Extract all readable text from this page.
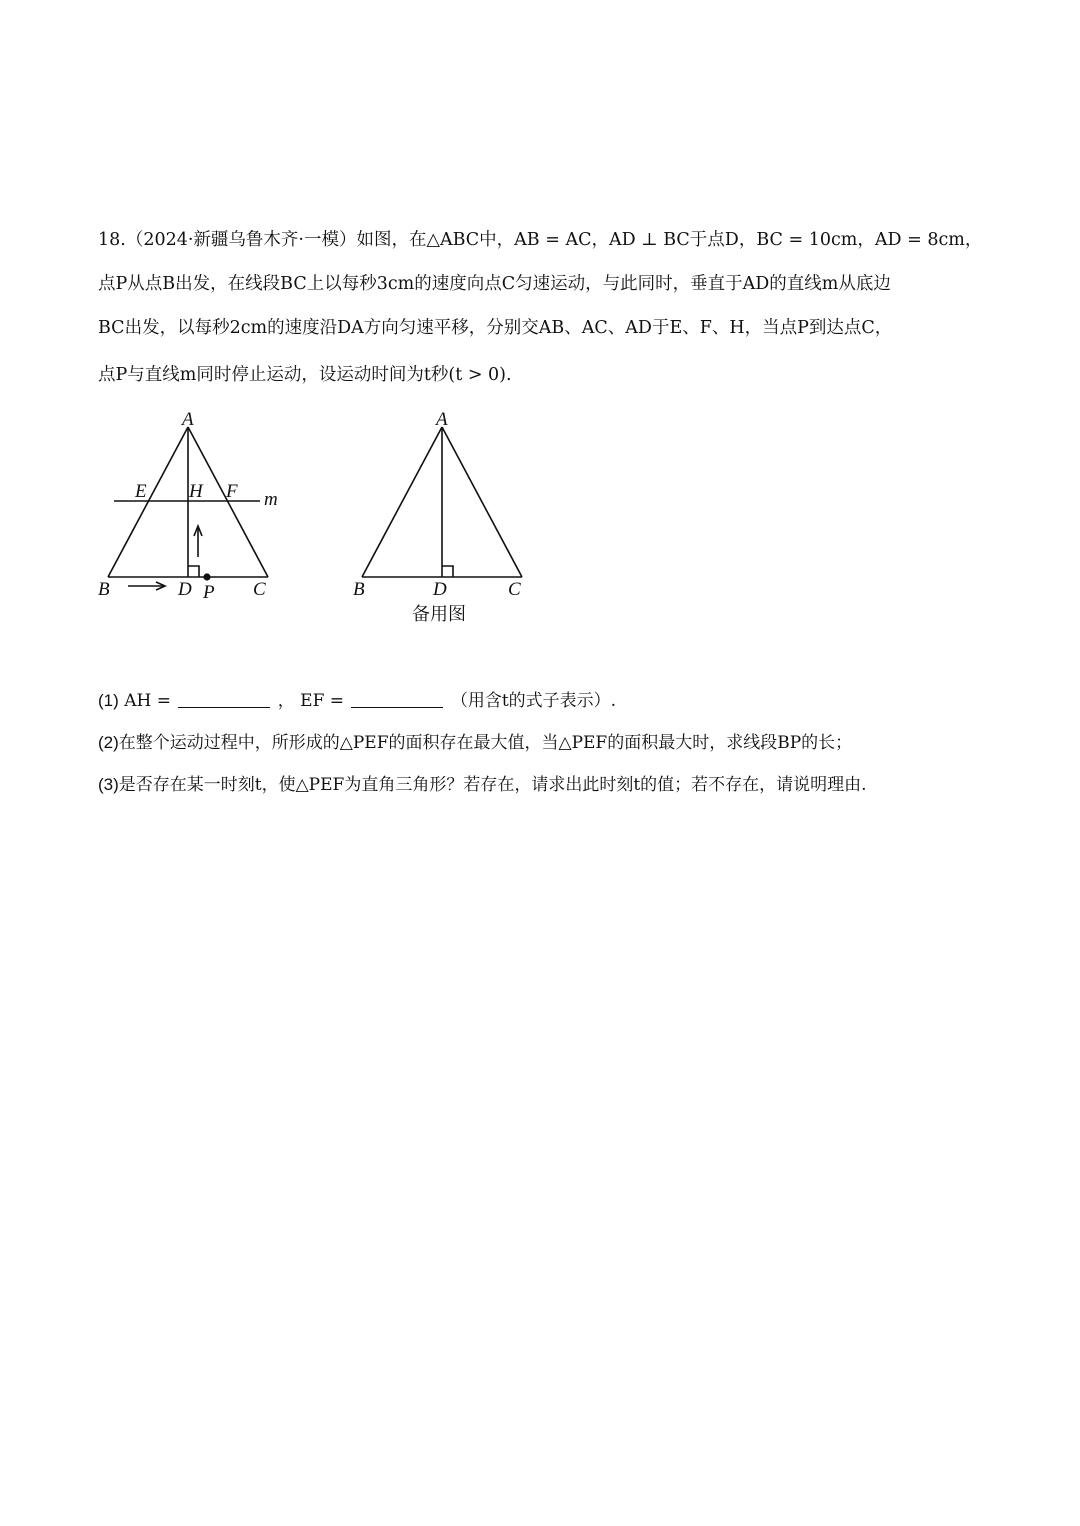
18.（2024·新疆乌鲁木齐·一模）如图，在△ABC中，AB = AC，AD ⊥ BC于点D，BC = 10cm，AD = 8cm，
点P从点B出发，在线段BC上以每秒3cm的速度向点C匀速运动，与此同时，垂直于AD的直线m从底边
BC出发，以每秒2cm的速度沿DA方向匀速平移，分别交AB、AC、AD于E、F、H，当点P到达点C，
点P与直线m同时停止运动，设运动时间为t秒(t > 0).
A
B	C
D P
E H F m
A
B	C
D
备用图
(1) AH =	， EF =	（用含t的式子表示）.
(2)在整个运动过程中，所形成的△PEF的面积存在最大值，当△PEF的面积最大时，求线段BP的长；
(3)是否存在某一时刻t，使△PEF为直角三角形？若存在，请求出此时刻t的值；若不存在，请说明理由.
